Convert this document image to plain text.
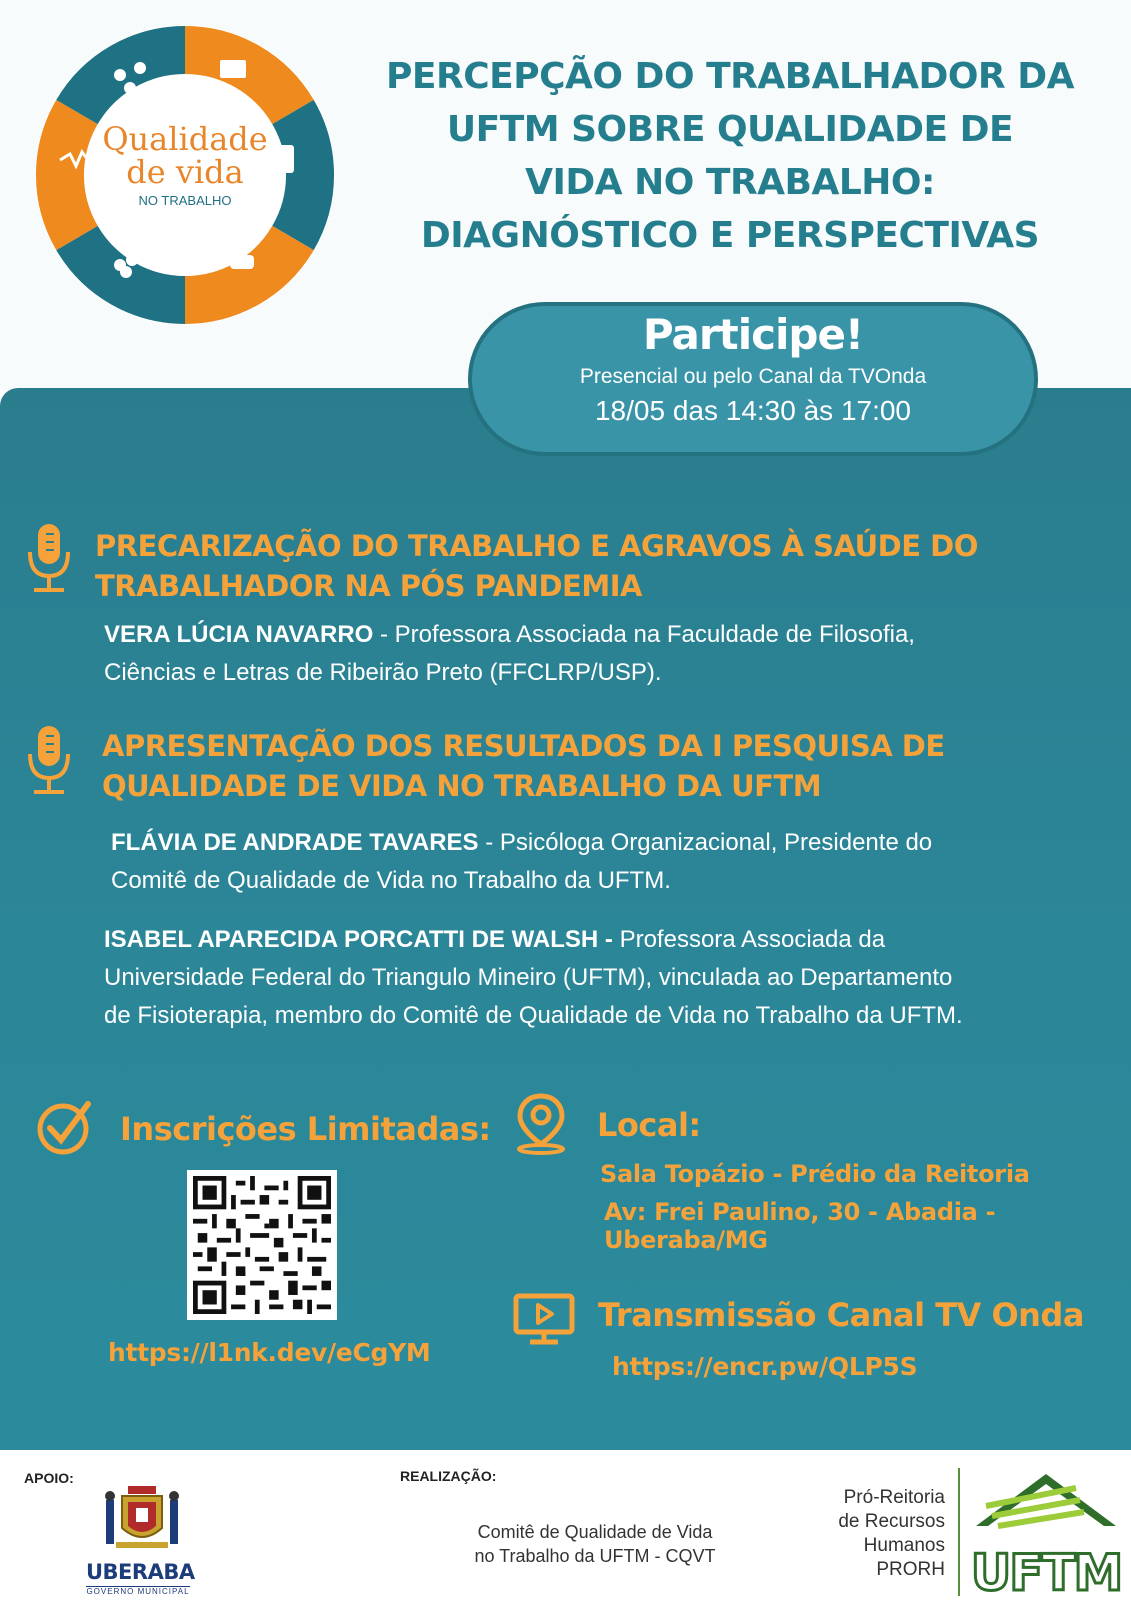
Qualidade
de vida
NO TRABALHO
PERCEPÇÃO DO TRABALHADOR DA
UFTM SOBRE QUALIDADE DE
VIDA NO TRABALHO:
DIAGNÓSTICO E PERSPECTIVAS
Participe!
Presencial ou pelo Canal da TVOnda
18/05 das 14:30 às 17:00
PRECARIZAÇÃO DO TRABALHO E AGRAVOS À SAÚDE DO
TRABALHADOR NA PÓS PANDEMIA
VERA LÚCIA NAVARRO - Professora Associada na Faculdade de Filosofia,
Ciências e Letras de Ribeirão Preto (FFCLRP/USP).
APRESENTAÇÃO DOS RESULTADOS DA I PESQUISA DE
QUALIDADE DE VIDA NO TRABALHO DA UFTM
FLÁVIA DE ANDRADE TAVARES - Psicóloga Organizacional, Presidente do
Comitê de Qualidade de Vida no Trabalho da UFTM.
ISABEL APARECIDA PORCATTI DE WALSH - Professora Associada da
Universidade Federal do Triangulo Mineiro (UFTM), vinculada ao Departamento
de Fisioterapia, membro do Comitê de Qualidade de Vida no Trabalho da UFTM.
Inscrições Limitadas:
https://l1nk.dev/eCgYM
Local:
Sala Topázio - Prédio da Reitoria
Av: Frei Paulino, 30 - Abadia - Uberaba/MG
Transmissão Canal TV Onda
https://encr.pw/QLP5S
APOIO:
UBERABA
GOVERNO MUNICIPAL
REALIZAÇÃO:
Comitê de Qualidade de Vida
no Trabalho da UFTM - CQVT
Pró-Reitoria
de Recursos
Humanos
PRORH UFTM
